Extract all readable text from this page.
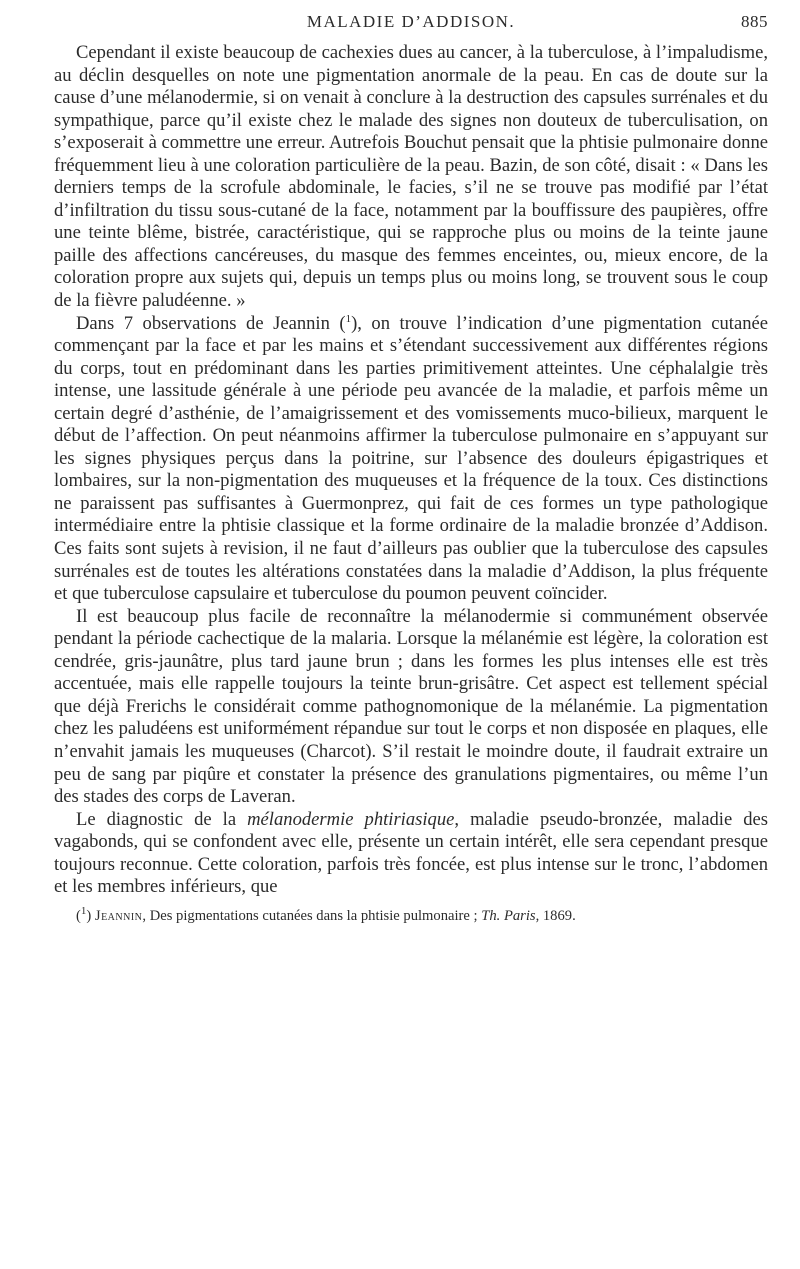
MALADIE D’ADDISON.	885

Cependant il existe beaucoup de cachexies dues au cancer, à la tuberculose, à l’impaludisme, au déclin desquelles on note une pigmentation anormale de la peau. En cas de doute sur la cause d’une mélanodermie, si on venait à conclure à la destruction des capsules surrénales et du sympathique, parce qu’il existe chez le malade des signes non douteux de tuberculisation, on s’exposerait à commettre une erreur. Autrefois Bouchut pensait que la phtisie pulmonaire donne fréquemment lieu à une coloration particulière de la peau. Bazin, de son côté, disait : « Dans les derniers temps de la scrofule abdominale, le facies, s’il ne se trouve pas modifié par l’état d’infiltration du tissu sous-cutané de la face, notamment par la bouffissure des paupières, offre une teinte blême, bistrée, caractéristique, qui se rapproche plus ou moins de la teinte jaune paille des affections cancéreuses, du masque des femmes enceintes, ou, mieux encore, de la coloration propre aux sujets qui, depuis un temps plus ou moins long, se trouvent sous le coup de la fièvre paludéenne. »

Dans 7 observations de Jeannin ($^1$), on trouve l’indication d’une pigmentation cutanée commençant par la face et par les mains et s’étendant successivement aux différentes régions du corps, tout en prédominant dans les parties primitivement atteintes. Une céphalalgie très intense, une lassitude générale à une période peu avancée de la maladie, et parfois même un certain degré d’asthénie, de l’amaigrissement et des vomissements muco-bilieux, marquent le début de l’affection. On peut néanmoins affirmer la tuberculose pulmonaire en s’appuyant sur les signes physiques perçus dans la poitrine, sur l’absence des douleurs épigastriques et lombaires, sur la non-pigmentation des muqueuses et la fréquence de la toux. Ces distinctions ne paraissent pas suffisantes à Guermonprez, qui fait de ces formes un type pathologique intermédiaire entre la phtisie classique et la forme ordinaire de la maladie bronzée d’Addison. Ces faits sont sujets à revision, il ne faut d’ailleurs pas oublier que la tuberculose des capsules surrénales est de toutes les altérations constatées dans la maladie d’Addison, la plus fréquente et que tuberculose capsulaire et tuberculose du poumon peuvent coïncider.

Il est beaucoup plus facile de reconnaître la mélanodermie si communément observée pendant la période cachectique de la malaria. Lorsque la mélanémie est légère, la coloration est cendrée, gris-jaunâtre, plus tard jaune brun ; dans les formes les plus intenses elle est très accentuée, mais elle rappelle toujours la teinte brun-grisâtre. Cet aspect est tellement spécial que déjà Frerichs le considérait comme pathognomonique de la mélanémie. La pigmentation chez les paludéens est uniformément répandue sur tout le corps et non disposée en plaques, elle n’envahit jamais les muqueuses (Charcot). S’il restait le moindre doute, il faudrait extraire un peu de sang par piqûre et constater la présence des granulations pigmentaires, ou même l’un des stades des corps de Laveran.

Le diagnostic de la mélanodermie phtiriasique, maladie pseudo-bronzée, maladie des vagabonds, qui se confondent avec elle, présente un certain intérêt, elle sera cependant presque toujours reconnue. Cette coloration, parfois très foncée, est plus intense sur le tronc, l’abdomen et les membres inférieurs, que

($^1$) Jeannin, Des pigmentations cutanées dans la phtisie pulmonaire ; Th. Paris, 1869.
